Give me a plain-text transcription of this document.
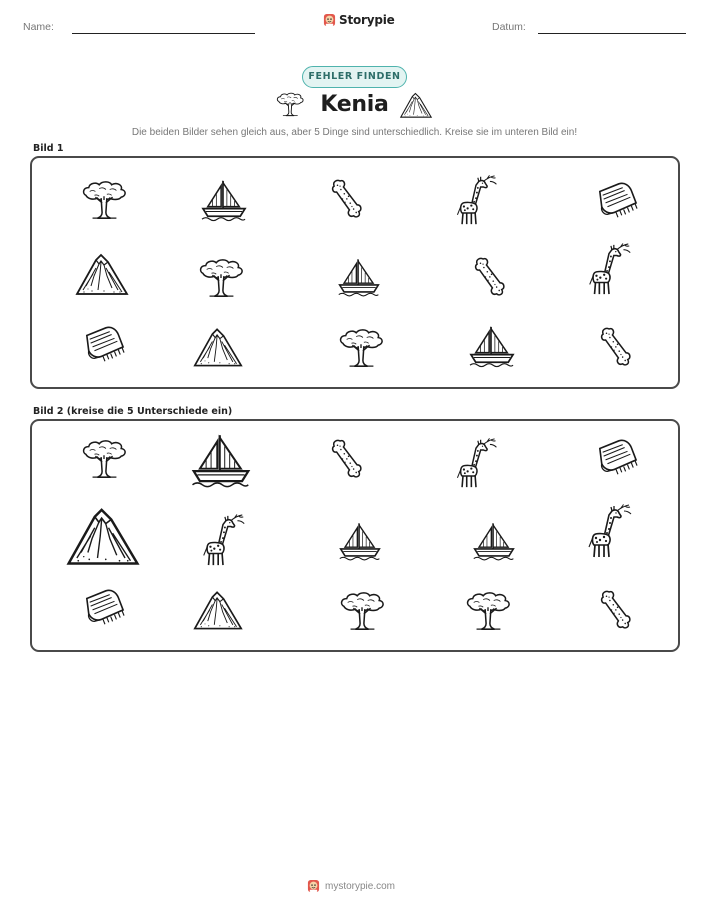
Name:	Storypie	Datum:
FEHLER FINDEN
Kenia
Die beiden Bilder sehen gleich aus, aber 5 Dinge sind unterschiedlich. Kreise sie im unteren Bild ein!
Bild 1
Bild 2 (kreise die 5 Unterschiede ein)
mystorypie.com
